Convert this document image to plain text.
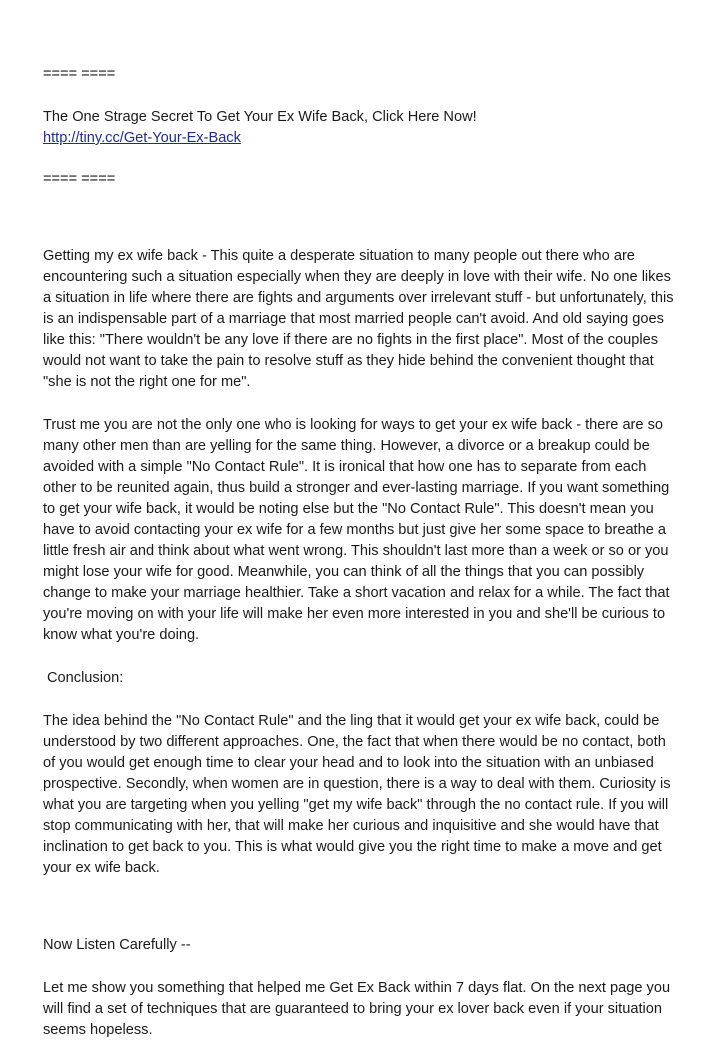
==== ====

The One Strage Secret To Get Your Ex Wife Back, Click Here Now!

http://tiny.cc/Get-Your-Ex-Back

==== ====

Getting my ex wife back - This quite a desperate situation to many people out there who are
encountering such a situation especially when they are deeply in love with their wife. No one likes
a situation in life where there are fights and arguments over irrelevant stuff - but unfortunately, this
is an indispensable part of a marriage that most married people can't avoid. And old saying goes
like this: "There wouldn't be any love if there are no fights in the first place". Most of the couples
would not want to take the pain to resolve stuff as they hide behind the convenient thought that
"she is not the right one for me".

Trust me you are not the only one who is looking for ways to get your ex wife back - there are so
many other men than are yelling for the same thing. However, a divorce or a breakup could be
avoided with a simple "No Contact Rule". It is ironical that how one has to separate from each
other to be reunited again, thus build a stronger and ever-lasting marriage. If you want something
to get your wife back, it would be noting else but the "No Contact Rule". This doesn't mean you
have to avoid contacting your ex wife for a few months but just give her some space to breathe a
little fresh air and think about what went wrong. This shouldn't last more than a week or so or you
might lose your wife for good. Meanwhile, you can think of all the things that you can possibly
change to make your marriage healthier. Take a short vacation and relax for a while. The fact that
you're moving on with your life will make her even more interested in you and she'll be curious to
know what you're doing.

Conclusion:

The idea behind the "No Contact Rule" and the ling that it would get your ex wife back, could be
understood by two different approaches. One, the fact that when there would be no contact, both
of you would get enough time to clear your head and to look into the situation with an unbiased
prospective. Secondly, when women are in question, there is a way to deal with them. Curiosity is
what you are targeting when you yelling "get my wife back" through the no contact rule. If you will
stop communicating with her, that will make her curious and inquisitive and she would have that
inclination to get back to you. This is what would give you the right time to make a move and get
your ex wife back.

Now Listen Carefully --

Let me show you something that helped me Get Ex Back within 7 days flat. On the next page you
will find a set of techniques that are guaranteed to bring your ex lover back even if your situation
seems hopeless.
